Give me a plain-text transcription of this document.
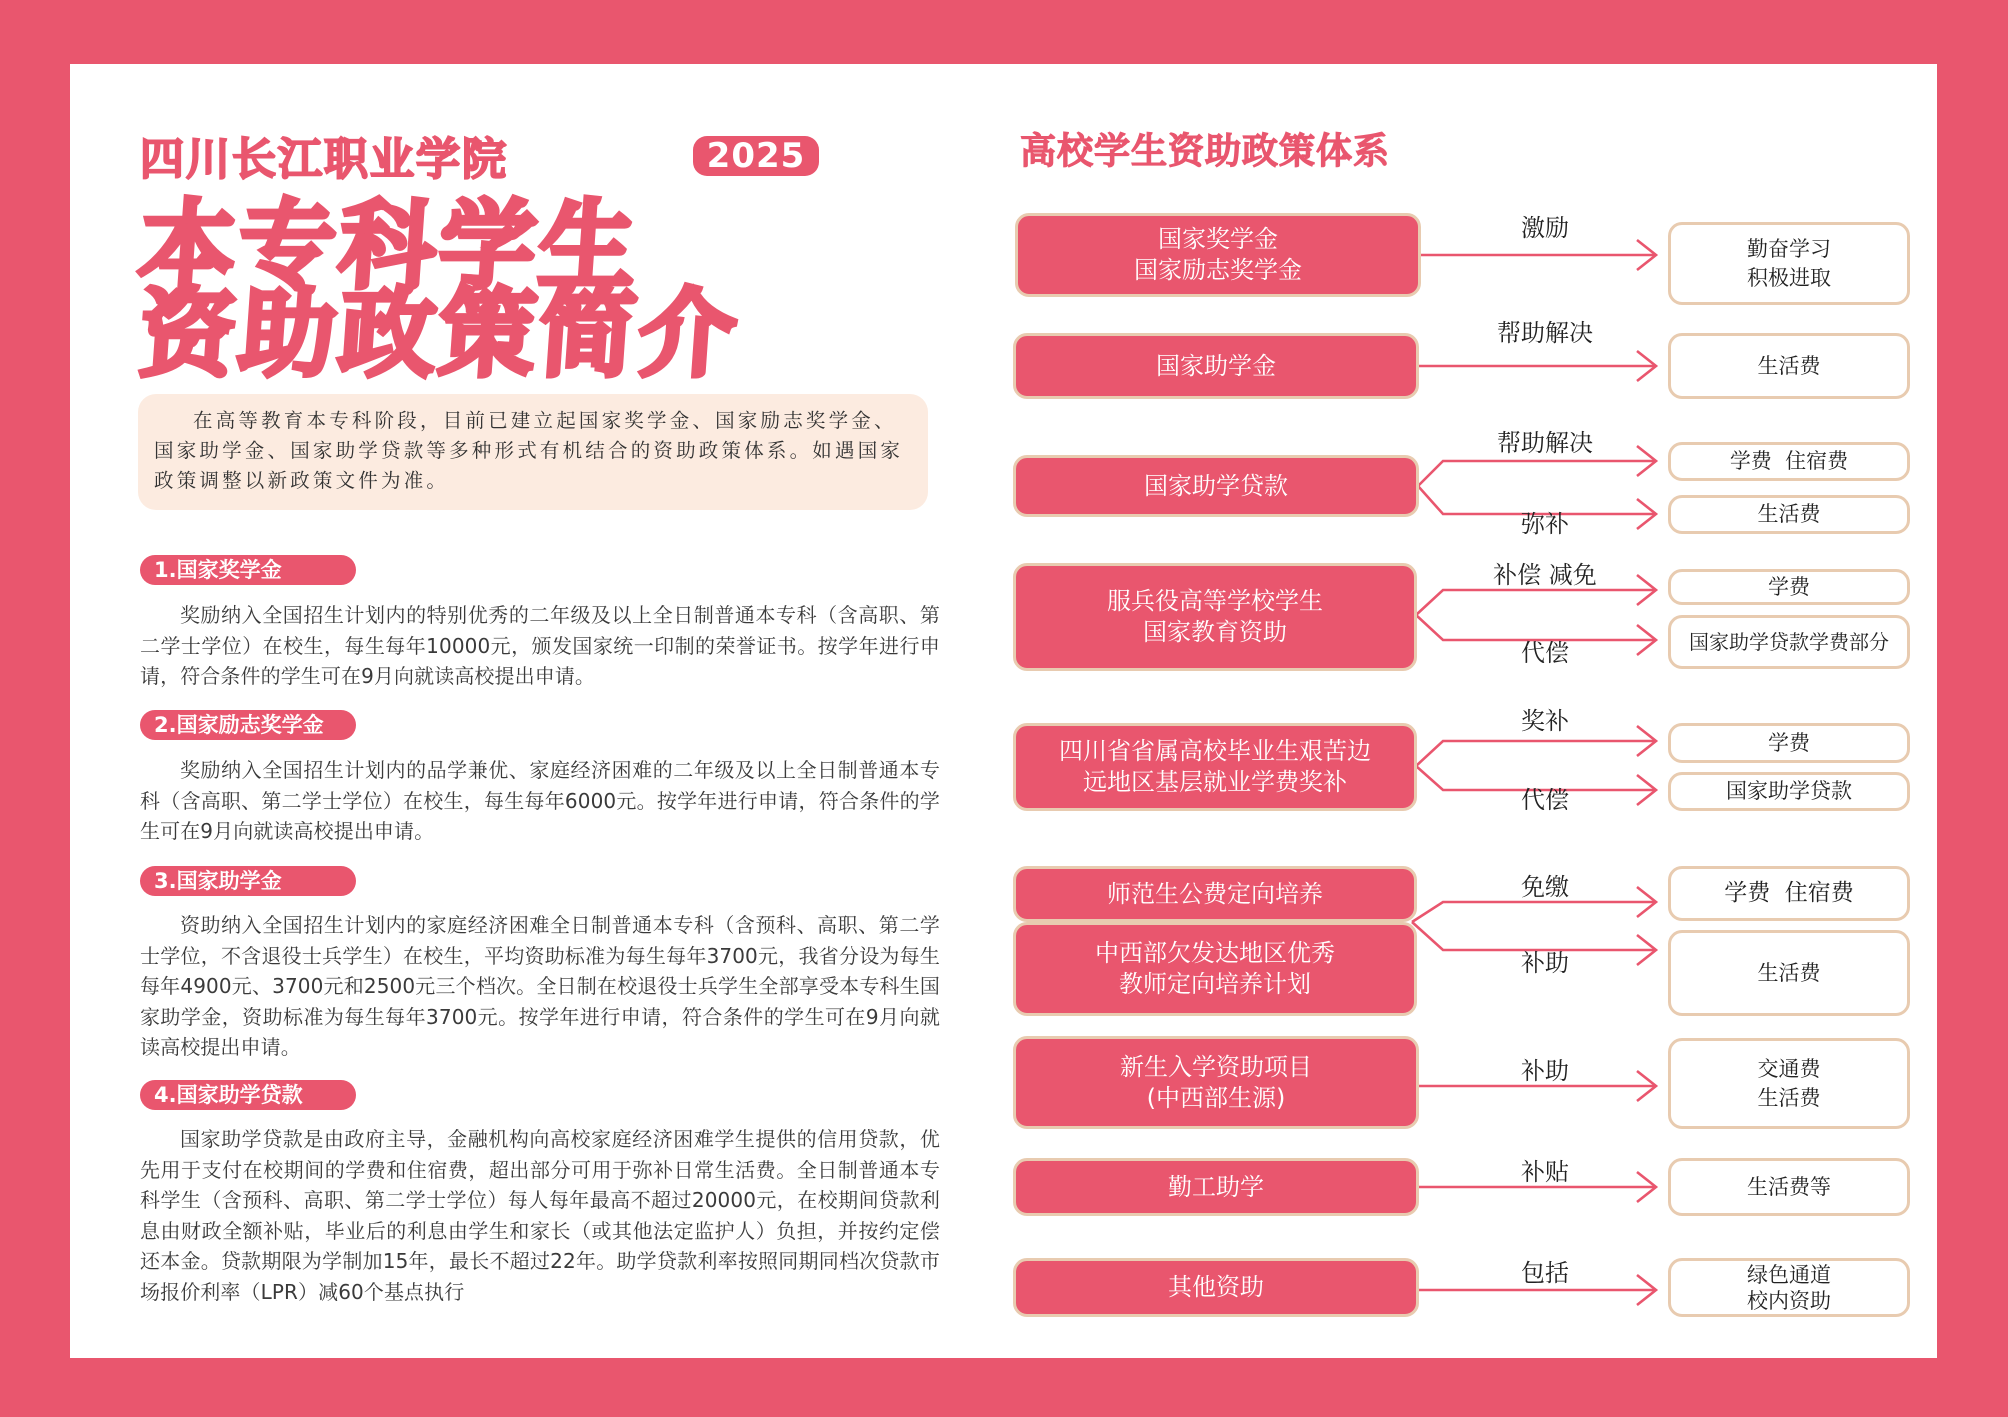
四川长江职业学院	2025
本专科学生
资助政策简介
在高等教育本专科阶段，目前已建立起国家奖学金、国家励志奖学金、国家助学金、国家助学贷款等多种形式有机结合的资助政策体系。如遇国家政策调整以新政策文件为准。
1.国家奖学金
奖励纳入全国招生计划内的特别优秀的二年级及以上全日制普通本专科（含高职、第二学士学位）在校生，每生每年10000元，颁发国家统一印制的荣誉证书。按学年进行申请，符合条件的学生可在9月向就读高校提出申请。
2.国家励志奖学金
奖励纳入全国招生计划内的品学兼优、家庭经济困难的二年级及以上全日制普通本专科（含高职、第二学士学位）在校生，每生每年6000元。按学年进行申请，符合条件的学生可在9月向就读高校提出申请。
3.国家助学金
资助纳入全国招生计划内的家庭经济困难全日制普通本专科（含预科、高职、第二学士学位，不含退役士兵学生）在校生，平均资助标准为每生每年3700元，我省分设为每生每年4900元、3700元和2500元三个档次。全日制在校退役士兵学生全部享受本专科生国家助学金，资助标准为每生每年3700元。按学年进行申请，符合条件的学生可在9月向就读高校提出申请。
4.国家助学贷款
国家助学贷款是由政府主导，金融机构向高校家庭经济困难学生提供的信用贷款，优先用于支付在校期间的学费和住宿费，超出部分可用于弥补日常生活费。全日制普通本专科学生（含预科、高职、第二学士学位）每人每年最高不超过20000元，在校期间贷款利息由财政全额补贴，毕业后的利息由学生和家长（或其他法定监护人）负担，并按约定偿还本金。贷款期限为学制加15年，最长不超过22年。助学贷款利率按照同期同档次贷款市场报价利率（LPR）减60个基点执行
高校学生资助政策体系
国家奖学金
国家励志奖学金
国家助学金
国家助学贷款
服兵役高等学校学生
国家教育资助
四川省省属高校毕业生艰苦边
远地区基层就业学费奖补
师范生公费定向培养
中西部欠发达地区优秀
教师定向培养计划
新生入学资助项目
(中西部生源)
勤工助学
其他资助
勤奋学习
积极进取
生活费
学费  住宿费
生活费
学费
国家助学贷款学费部分
学费
国家助学贷款
学费  住宿费
生活费
交通费
生活费
生活费等
绿色通道
校内资助
激励
帮助解决
帮助解决
弥补
补偿 减免
代偿
奖补
代偿
免缴
补助
补助
补贴
包括
